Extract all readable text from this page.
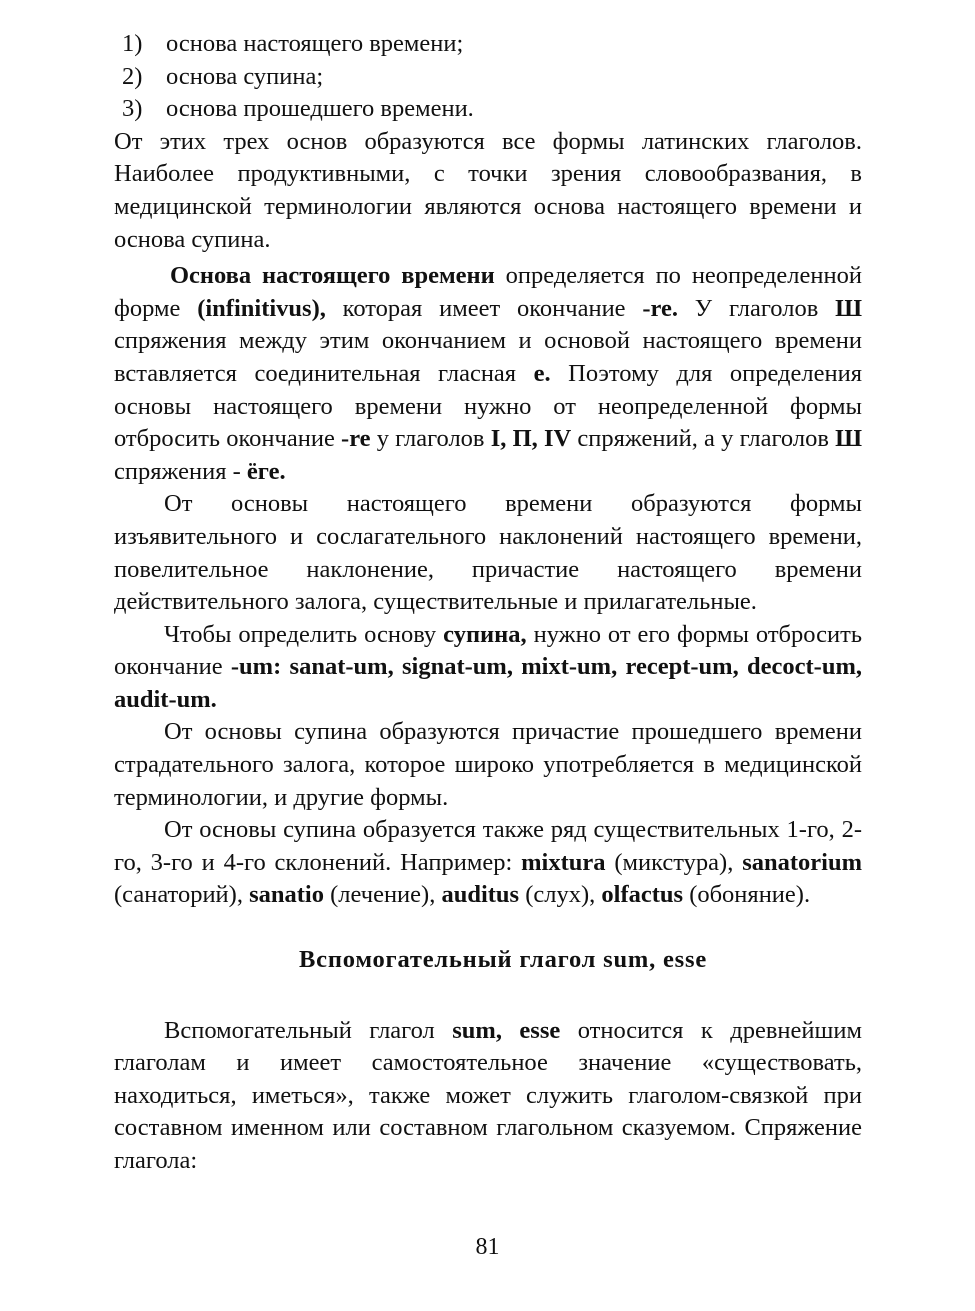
1) основа настоящего времени;
2) основа супина;
3) основа прошедшего времени.
От этих трех основ образуются все формы латинских глаголов. Наиболее продуктивными, с точки зрения словообразвания, в медицинской терминологии являются основа настоящего времени и основа супина.
Основа настоящего времени определяется по неопределенной форме (infinitivus), которая имеет окончание -re. У глаголов Ш спряжения между этим окончанием и основой настоящего времени вставляется соединительная гласная е. Поэтому для определения основы настоящего времени нужно от неопределенной формы отбросить окончание -re у глаголов I, П, IV спряжений, а у глаголов Ш спряжения - ёге.
От основы настоящего времени образуются формы изъявительного и сослагательного наклонений настоящего времени, повелительное наклонение, причастие настоящего времени действительного залога, существительные и прилагательные.
Чтобы определить основу супина, нужно от его формы отбросить окончание -um: sanat-um, signat-um, mixt-um, recept-um, decoct-um, audit-um.
От основы супина образуются причастие прошедшего времени страдательного залога, которое широко употребляется в медицинской терминологии, и другие формы.
От основы супина образуется также ряд существительных 1-го, 2-го, 3-го и 4-го склонений. Например: mixtura (микстура), sanatorium (санаторий), sanatio (лечение), auditus (слух), olfactus (обоняние).
Вспомогательный глагол sum, esse
Вспомогательный глагол sum, esse относится к древнейшим глаголам и имеет самостоятельное значение «существовать, находиться, иметься», также может служить глаголом-связкой при составном именном или составном глагольном сказуемом. Спряжение глагола:
81
